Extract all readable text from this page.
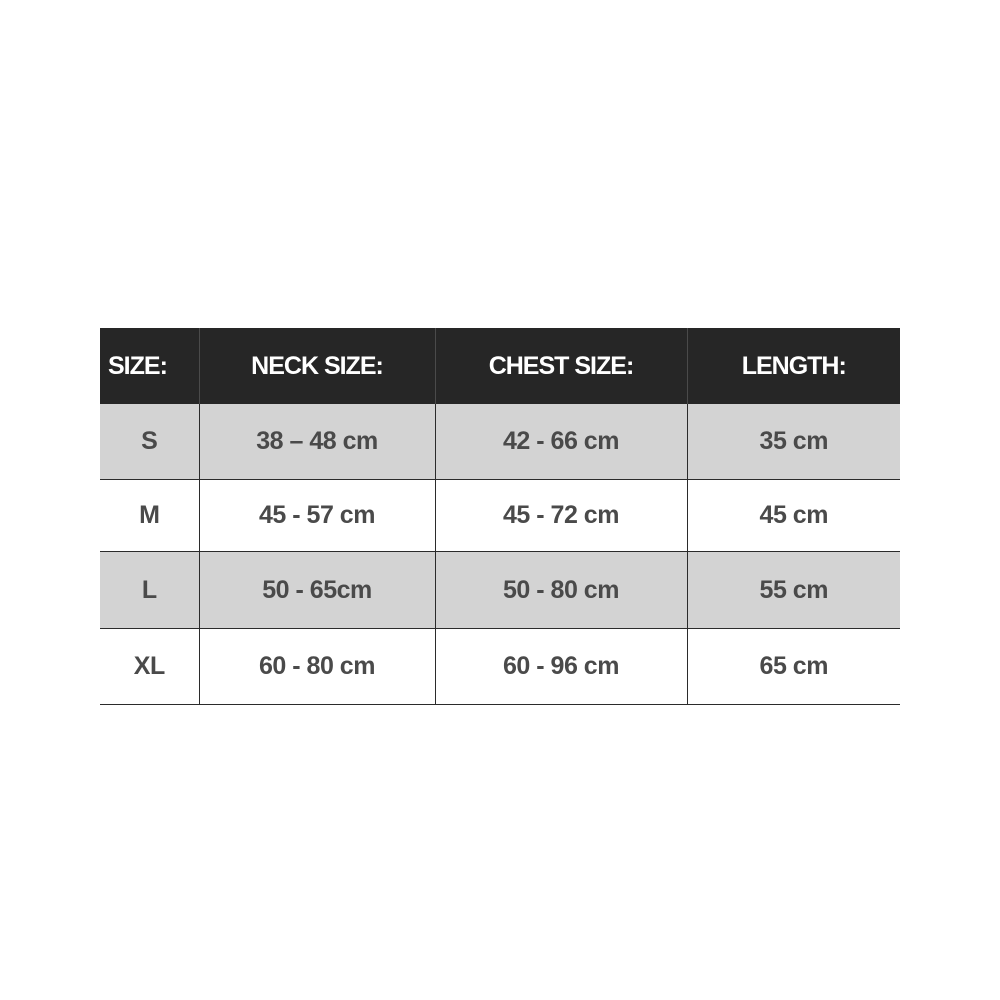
SIZE:	NECK SIZE:	CHEST SIZE:	LENGTH:
S	38 – 48 cm	42 - 66 cm	35 cm
M	45 - 57 cm	45 - 72 cm	45 cm
L	50 - 65cm	50 - 80 cm	55 cm
XL	60 - 80 cm	60 - 96 cm	65 cm
